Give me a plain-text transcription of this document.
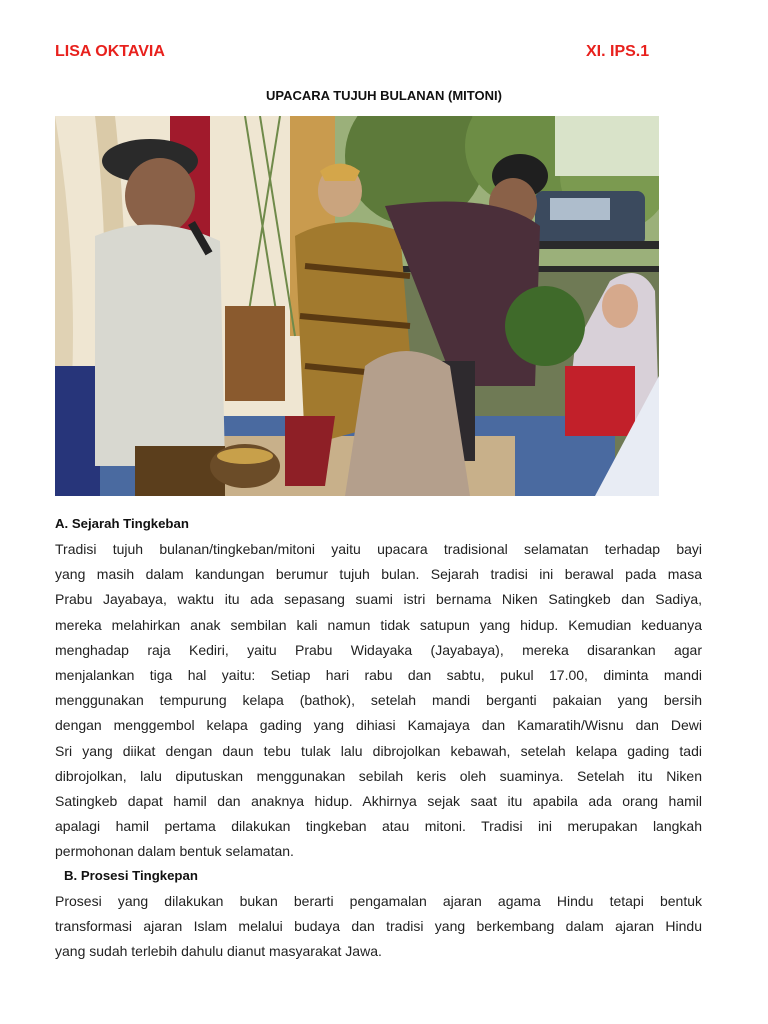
LISA OKTAVIA	XI. IPS.1
UPACARA TUJUH BULANAN (MITONI)
A. Sejarah Tingkeban
Tradisi tujuh bulanan/tingkeban/mitoni yaitu upacara tradisional selamatan terhadap bayi
yang masih dalam kandungan berumur tujuh bulan. Sejarah tradisi ini berawal pada masa
Prabu Jayabaya, waktu itu ada sepasang suami istri bernama Niken Satingkeb dan Sadiya,
mereka melahirkan anak sembilan kali namun tidak satupun yang hidup. Kemudian keduanya
menghadap raja Kediri, yaitu Prabu Widayaka (Jayabaya), mereka disarankan agar
menjalankan tiga hal yaitu: Setiap hari rabu dan sabtu, pukul 17.00, diminta mandi
menggunakan tempurung kelapa (bathok), setelah mandi berganti pakaian yang bersih
dengan menggembol kelapa gading yang dihiasi Kamajaya dan Kamaratih/Wisnu dan Dewi
Sri yang diikat dengan daun tebu tulak lalu dibrojolkan kebawah, setelah kelapa gading tadi
dibrojolkan, lalu diputuskan menggunakan sebilah keris oleh suaminya. Setelah itu Niken
Satingkeb dapat hamil dan anaknya hidup. Akhirnya sejak saat itu apabila ada orang hamil
apalagi hamil pertama dilakukan tingkeban atau mitoni. Tradisi ini merupakan langkah
permohonan dalam bentuk selamatan.
B. Prosesi Tingkepan
Prosesi yang dilakukan bukan berarti pengamalan ajaran agama Hindu tetapi bentuk
transformasi ajaran Islam melalui budaya dan tradisi yang berkembang dalam ajaran Hindu
yang sudah terlebih dahulu dianut masyarakat Jawa.
